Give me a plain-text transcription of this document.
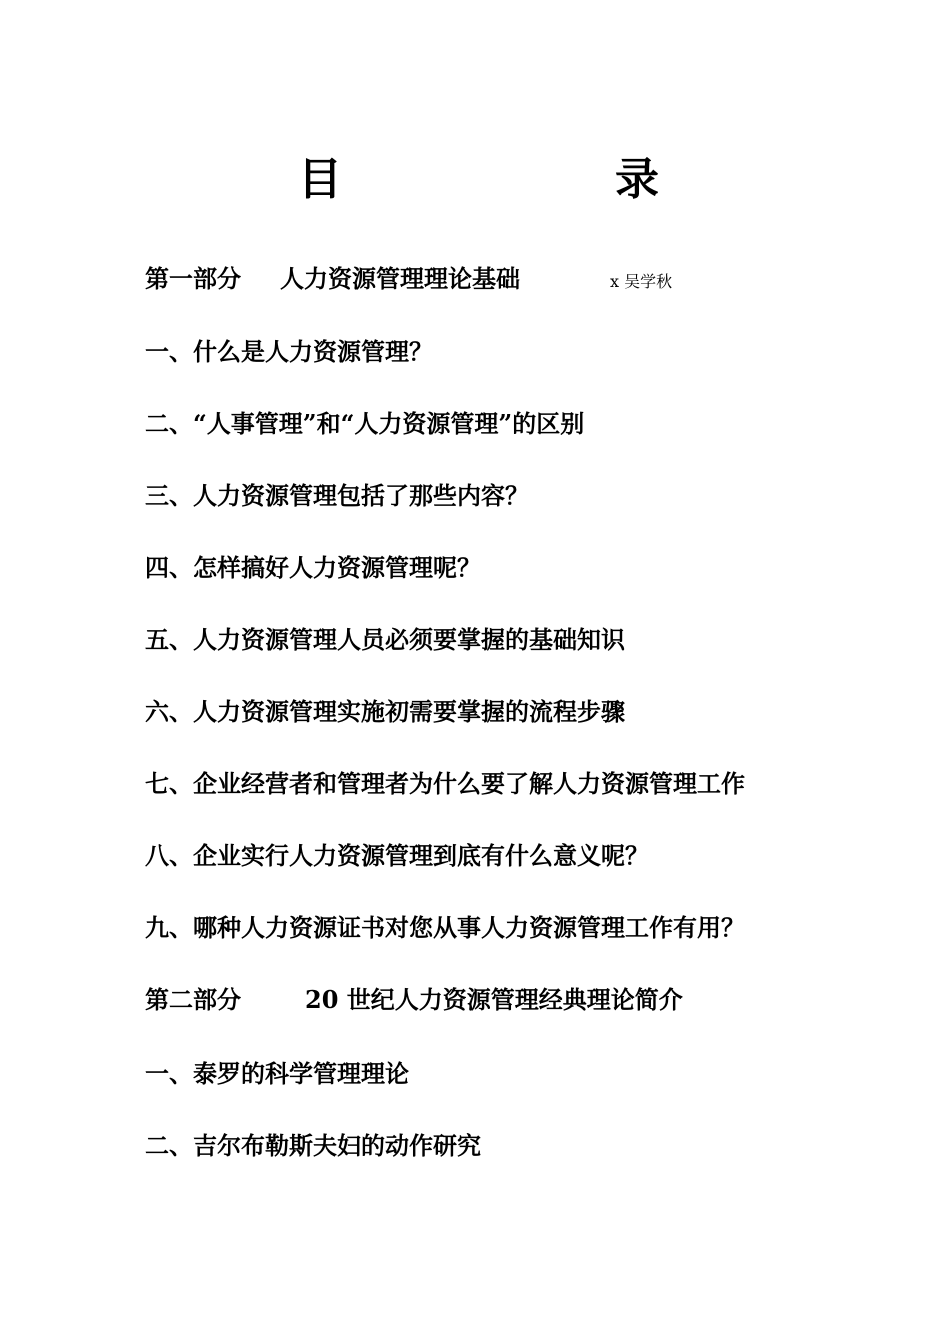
目	录
第一部分 人力资源管理理论基础	x 吴学秋
一、什么是人力资源管理？
二、“人事管理”和“人力资源管理”的区别
三、人力资源管理包括了那些内容？
四、怎样搞好人力资源管理呢？
五、人力资源管理人员必须要掌握的基础知识
六、人力资源管理实施初需要掌握的流程步骤
七、企业经营者和管理者为什么要了解人力资源管理工作
八、企业实行人力资源管理到底有什么意义呢？
九、哪种人力资源证书对您从事人力资源管理工作有用？
第二部分	20 世纪人力资源管理经典理论简介
一、泰罗的科学管理理论
二、吉尔布勒斯夫妇的动作研究
